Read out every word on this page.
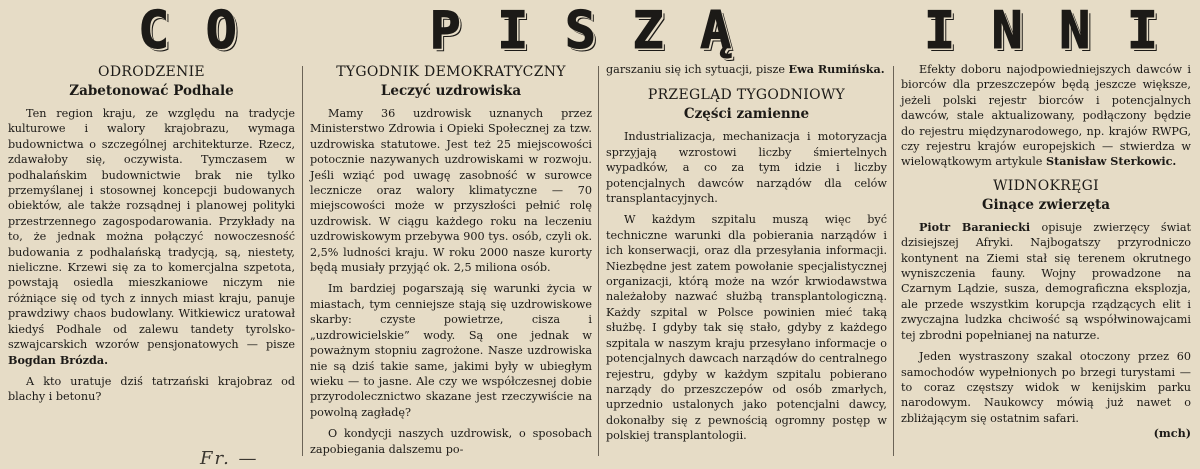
C O	P I S Z Ą	I N N I
ODRODZENIE
Zabetonować Podhale

Ten region kraju, ze względu na tradycje kulturowe i walory krajobrazu, wymaga budownictwa o szczególnej architekturze. Rzecz, zdawałoby się, oczywista. Tymczasem w podhalańskim budownictwie brak nie tylko przemyślanej i stosownej koncepcji budowanych obiektów, ale także rozsądnej i planowej polityki przestrzennego zagospodarowania. Przykłady na to, że jednak można połączyć nowoczesność budowania z podhalańską tradycją, są, niestety, nieliczne. Krzewi się za to komercjalna szpetota, powstają osiedla mieszkaniowe niczym nie różniące się od tych z innych miast kraju, panuje prawdziwy chaos budowlany. Witkiewicz uratował kiedyś Podhale od zalewu tandety tyrolsko-szwajcarskich wzorów pensjonatowych — pisze Bogdan Brózda.

A kto uratuje dziś tatrzański krajobraz od blachy i betonu?

TYGODNIK DEMOKRATYCZNY
Leczyć uzdrowiska

Mamy 36 uzdrowisk uznanych przez Ministerstwo Zdrowia i Opieki Społecznej za tzw. uzdrowiska statutowe. Jest też 25 miejscowości potocznie nazywanych uzdrowiskami w rozwoju. Jeśli wziąć pod uwagę zasobność w surowce lecznicze oraz walory klimatyczne — 70 miejscowości może w przyszłości pełnić rolę uzdrowisk. W ciągu każdego roku na leczeniu uzdrowiskowym przebywa 900 tys. osób, czyli ok. 2,5% ludności kraju. W roku 2000 nasze kurorty będą musiały przyjąć ok. 2,5 miliona osób.

Im bardziej pogarszają się warunki życia w miastach, tym cenniejsze stają się uzdrowiskowe skarby: czyste powietrze, cisza i „uzdrowicielskie” wody. Są one jednak w poważnym stopniu zagrożone. Nasze uzdrowiska nie są dziś takie same, jakimi były w ubiegłym wieku — to jasne. Ale czy we współczesnej dobie przyrodolecznictwo skazane jest rzeczywiście na powolną zagładę?

O kondycji naszych uzdrowisk, o sposobach zapobiegania dalszemu po-

garszaniu się ich sytuacji, pisze Ewa Rumińska.

PRZEGLĄD TYGODNIOWY
Części zamienne

Industrializacja, mechanizacja i motoryzacja sprzyjają wzrostowi liczby śmiertelnych wypadków, a co za tym idzie i liczby potencjalnych dawców narządów dla celów transplantacyjnych.

W każdym szpitalu muszą więc być techniczne warunki dla pobierania narządów i ich konserwacji, oraz dla przesyłania informacji. Niezbędne jest zatem powołanie specjalistycznej organizacji, którą może na wzór krwiodawstwa należałoby nazwać służbą transplantologiczną. Każdy szpital w Polsce powinien mieć taką służbę. I gdyby tak się stało, gdyby z każdego szpitala w naszym kraju przesyłano informacje o potencjalnych dawcach narządów do centralnego rejestru, gdyby w każdym szpitalu pobierano narządy do przeszczepów od osób zmarłych, uprzednio ustalonych jako potencjalni dawcy, dokonałby się z pewnością ogromny postęp w polskiej transplantologii.

Efekty doboru najodpowiedniejszych dawców i biorców dla przeszczepów będą jeszcze większe, jeżeli polski rejestr biorców i potencjalnych dawców, stale aktualizowany, podłączony będzie do rejestru międzynarodowego, np. krajów RWPG, czy rejestru krajów europejskich — stwierdza w wielowątkowym artykule Stanisław Sterkowic.

WIDNOKRĘGI
Ginące zwierzęta

Piotr Baraniecki opisuje zwierzęcy świat dzisiejszej Afryki. Najbogatszy przyrodniczo kontynent na Ziemi stał się terenem okrutnego wyniszczenia fauny. Wojny prowadzone na Czarnym Lądzie, susza, demograficzna eksplozja, ale przede wszystkim korupcja rządzących elit i zwyczajna ludzka chciwość są współwinowajcami tej zbrodni popełnianej na naturze.

Jeden wystraszony szakal otoczony przez 60 samochodów wypełnionych po brzegi turystami — to coraz częstszy widok w kenijskim parku narodowym. Naukowcy mówią już nawet o zbliżającym się ostatnim safari.

(mch)
Fr. —
